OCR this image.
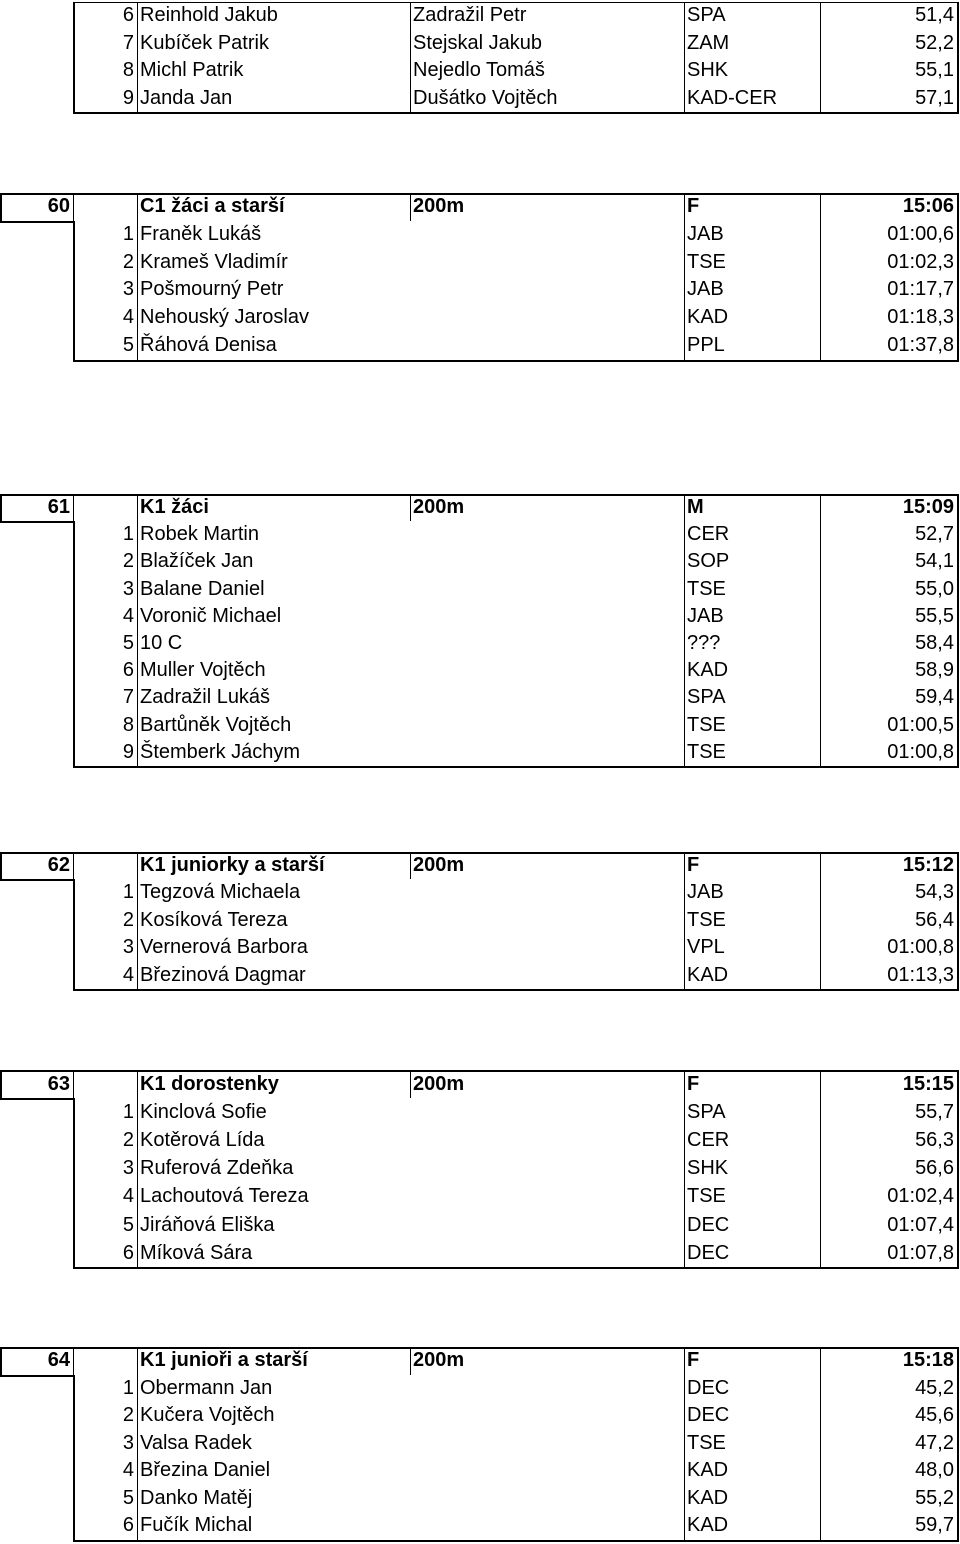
6 Reinhold Jakub	Zadražil Petr	SPA	51,4
7 Kubíček Patrik	Stejskal Jakub	ZAM	52,2
8 Michl Patrik	Nejedlo Tomáš	SHK	55,1
9 Janda Jan	Dušátko Vojtěch	KAD-CER	57,1
60	C1 žáci a starší	200m	F	15:06
1 Franěk Lukáš	JAB	01:00,6
2 Krameš Vladimír	TSE	01:02,3
3 Pošmourný Petr	JAB	01:17,7
4 Nehouský Jaroslav	KAD	01:18,3
5 Řáhová Denisa	PPL	01:37,8
61	K1 žáci	200m	M	15:09
1 Robek Martin	CER	52,7
2 Blažíček Jan	SOP	54,1
3 Balane Daniel	TSE	55,0
4 Voronič Michael	JAB	55,5
5 10 C	???	58,4
6 Muller Vojtěch	KAD	58,9
7 Zadražil Lukáš	SPA	59,4
8 Bartůněk Vojtěch	TSE	01:00,5
9 Štemberk Jáchym	TSE	01:00,8
62	K1 juniorky a starší	200m	F	15:12
1 Tegzová Michaela	JAB	54,3
2 Kosíková Tereza	TSE	56,4
3 Vernerová Barbora	VPL	01:00,8
4 Březinová Dagmar	KAD	01:13,3
63	K1 dorostenky	200m	F	15:15
1 Kinclová Sofie	SPA	55,7
2 Kotěrová Lída	CER	56,3
3 Ruferová Zdeňka	SHK	56,6
4 Lachoutová Tereza	TSE	01:02,4
5 Jiráňová Eliška	DEC	01:07,4
6 Míková Sára	DEC	01:07,8
64	K1 junioři a starší	200m	F	15:18
1 Obermann Jan	DEC	45,2
2 Kučera Vojtěch	DEC	45,6
3 Valsa Radek	TSE	47,2
4 Březina Daniel	KAD	48,0
5 Danko Matěj	KAD	55,2
6 Fučík Michal	KAD	59,7
